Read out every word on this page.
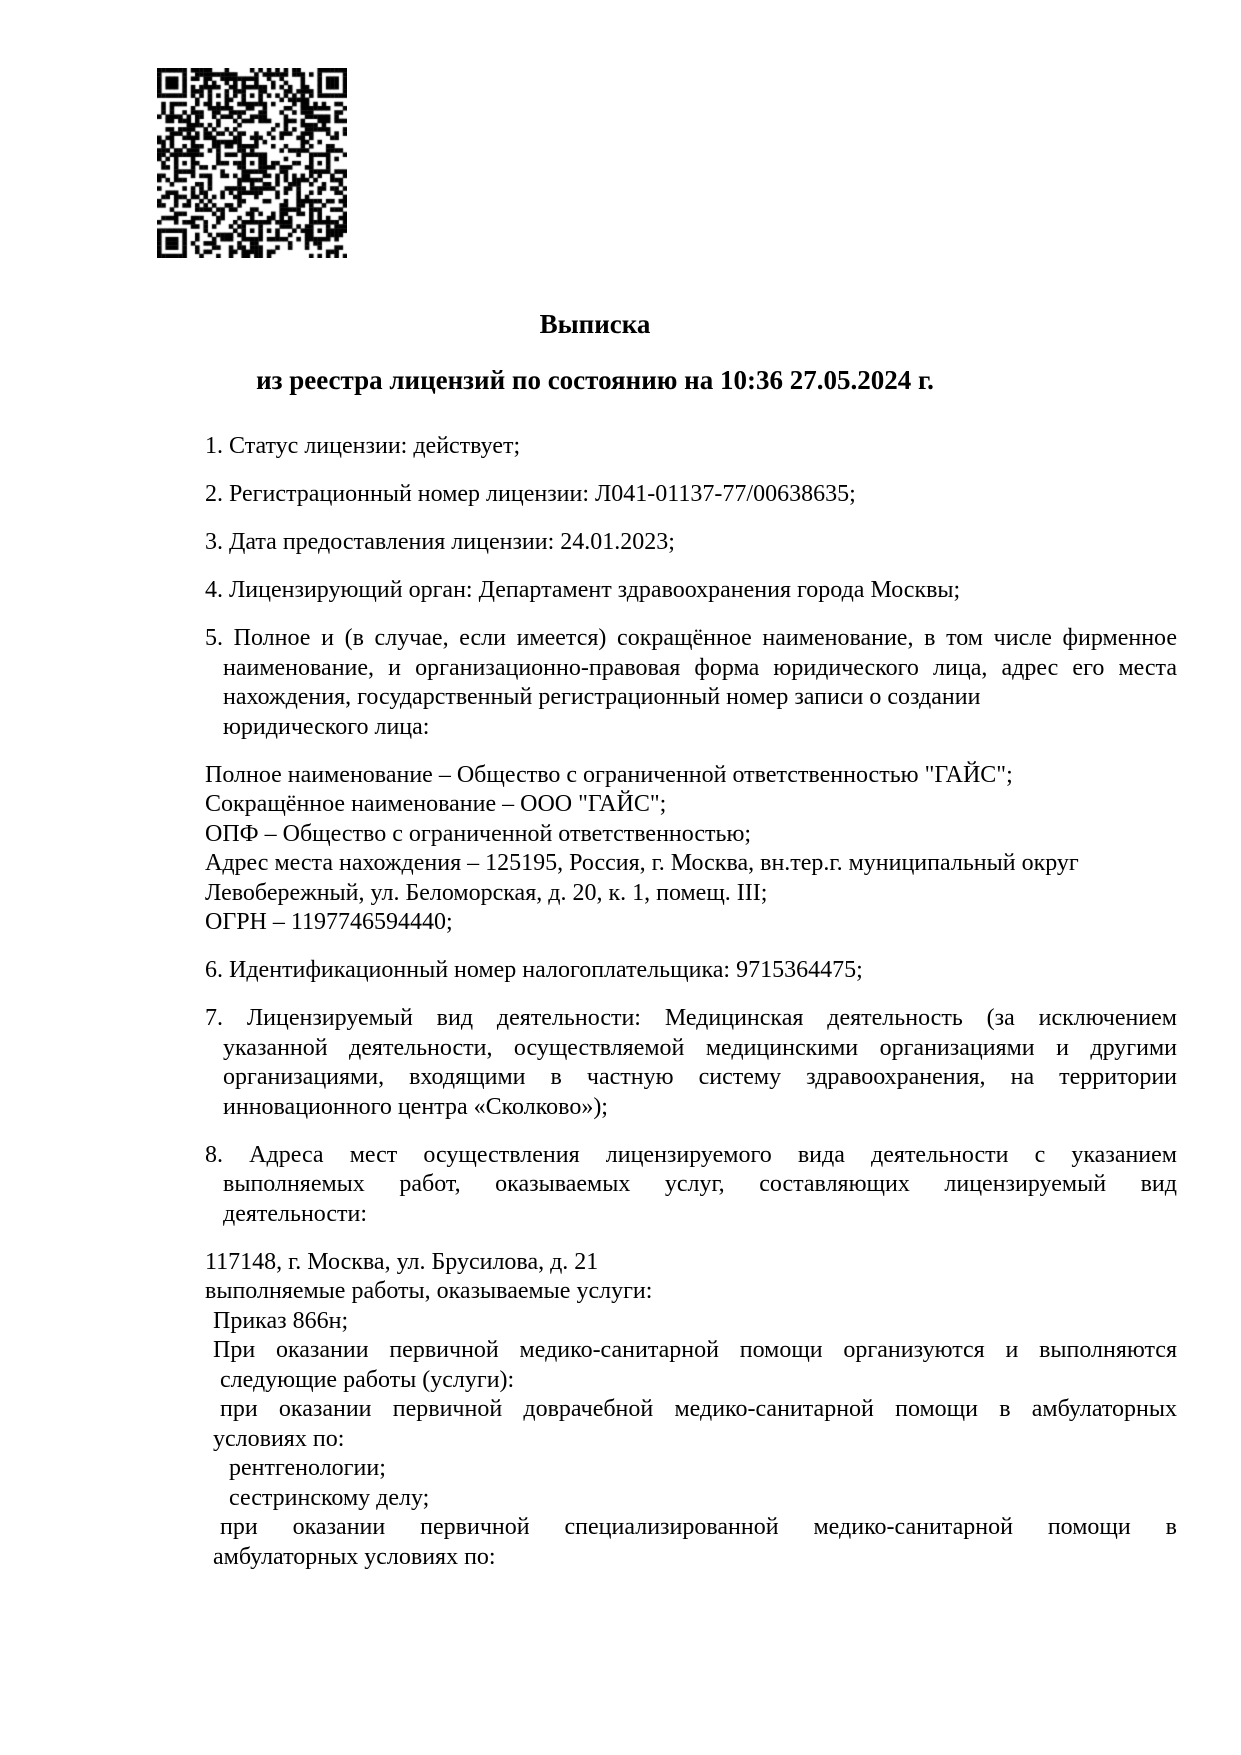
Выписка
из реестра лицензий по состоянию на 10:36 27.05.2024 г.
1. Статус лицензии: действует;
2. Регистрационный номер лицензии: Л041-01137-77/00638635;
3. Дата предоставления лицензии: 24.01.2023;
4. Лицензирующий орган: Департамент здравоохранения города Москвы;
5. Полное и (в случае, если имеется) сокращённое наименование, в том числе фирменное
наименование, и организационно-правовая форма юридического лица, адрес его места
нахождения, государственный регистрационный номер записи о создании
юридического лица:
Полное наименование – Общество с ограниченной ответственностью "ГАЙС";
Сокращённое наименование – ООО "ГАЙС";
ОПФ – Общество с ограниченной ответственностью;
Адрес места нахождения – 125195, Россия, г. Москва, вн.тер.г. муниципальный округ
Левобережный, ул. Беломорская, д. 20, к. 1, помещ. III;
ОГРН – 1197746594440;
6. Идентификационный номер налогоплательщика: 9715364475;
7. Лицензируемый вид деятельности: Медицинская деятельность (за исключением
указанной деятельности, осуществляемой медицинскими организациями и другими
организациями, входящими в частную систему здравоохранения, на территории
инновационного центра «Сколково»);
8. Адреса мест осуществления лицензируемого вида деятельности с указанием
выполняемых работ, оказываемых услуг, составляющих лицензируемый вид
деятельности:
117148, г. Москва, ул. Брусилова, д. 21
выполняемые работы, оказываемые услуги:
Приказ 866н;
При оказании первичной медико-санитарной помощи организуются и выполняются
следующие работы (услуги):
при оказании первичной доврачебной медико-санитарной помощи в амбулаторных
условиях по:
рентгенологии;
сестринскому делу;
при оказании первичной специализированной медико-санитарной помощи в
амбулаторных условиях по:
